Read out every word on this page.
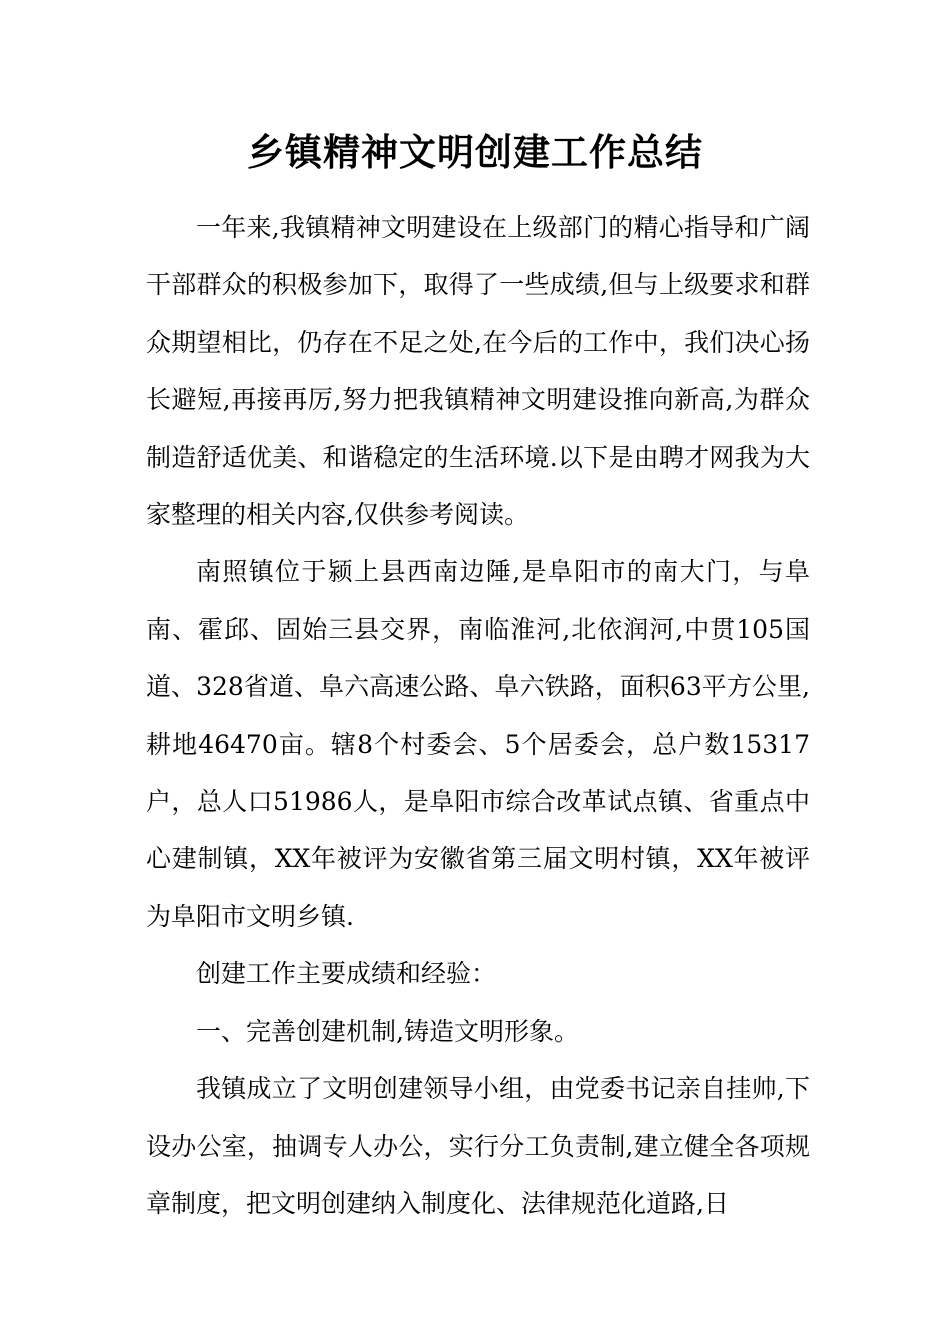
乡镇精神文明创建工作总结

一年来,我镇精神文明建设在上级部门的精心指导和广阔干部群众的积极参加下，取得了一些成绩,但与上级要求和群众期望相比，仍存在不足之处,在今后的工作中，我们决心扬长避短,再接再厉,努力把我镇精神文明建设推向新高,为群众制造舒适优美、和谐稳定的生活环境.以下是由聘才网我为大家整理的相关内容,仅供参考阅读。

南照镇位于颍上县西南边陲,是阜阳市的南大门，与阜南、霍邱、固始三县交界，南临淮河,北依润河,中贯105国道、328省道、阜六高速公路、阜六铁路，面积63平方公里,耕地46470亩。辖8个村委会、5个居委会，总户数15317户，总人口51986人，是阜阳市综合改革试点镇、省重点中心建制镇，XX年被评为安徽省第三届文明村镇，XX年被评为阜阳市文明乡镇.

创建工作主要成绩和经验：

一、完善创建机制,铸造文明形象。

我镇成立了文明创建领导小组，由党委书记亲自挂帅,下设办公室，抽调专人办公，实行分工负责制,建立健全各项规章制度，把文明创建纳入制度化、法律规范化道路,日
